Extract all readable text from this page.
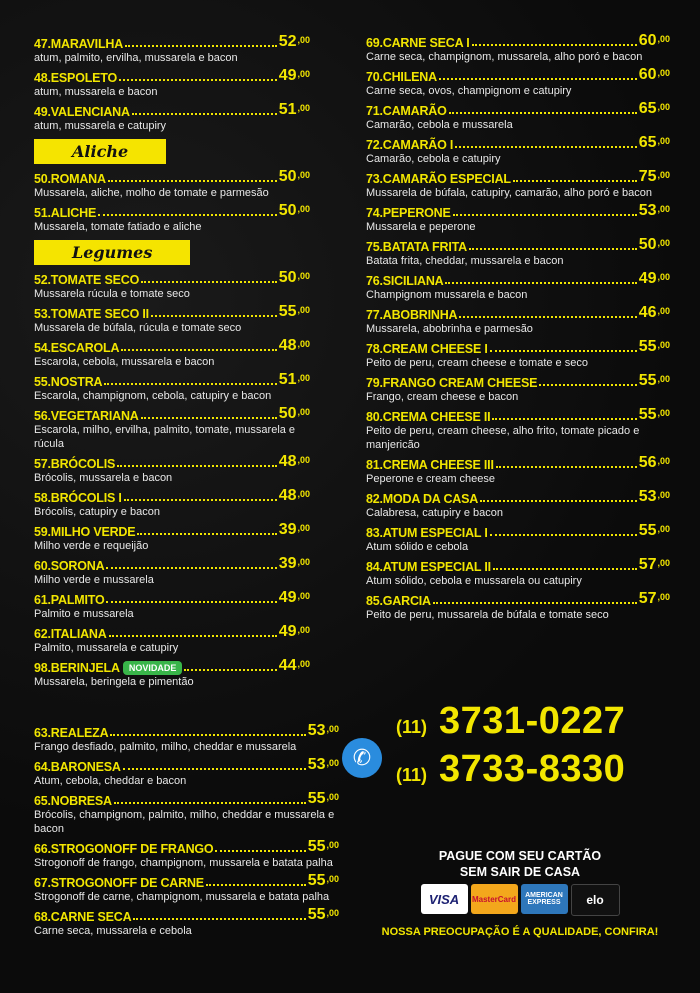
47.MARAVILHA	$52^{,00}$
atum, palmito, ervilha, mussarela e bacon
48.ESPOLETO	$49^{,00}$
atum, mussarela e bacon
49.VALENCIANA	$51^{,00}$
atum, mussarela e catupiry
Aliche
50.ROMANA	$50^{,00}$
Mussarela, aliche, molho de tomate e parmesão
51.ALICHE	$50^{,00}$
Mussarela, tomate fatiado e aliche
Legumes
52.TOMATE SECO	$50^{,00}$
Mussarela rúcula e tomate seco
53.TOMATE SECO II	$55^{,00}$
Mussarela de búfala, rúcula e tomate seco
54.ESCAROLA	$48^{,00}$
Escarola, cebola, mussarela e bacon
55.NOSTRA	$51^{,00}$
Escarola, champignom, cebola, catupiry e bacon
56.VEGETARIANA	$50^{,00}$
Escarola, milho, ervilha, palmito, tomate, mussarela e rúcula
57.BRÓCOLIS	$48^{,00}$
Brócolis, mussarela e bacon
58.BRÓCOLIS I	$48^{,00}$
Brócolis, catupiry e bacon
59.MILHO VERDE	$39^{,00}$
Milho verde e requeijão
60.SORONA	$39^{,00}$
Milho verde e mussarela
61.PALMITO	$49^{,00}$
Palmito e mussarela
62.ITALIANA	$49^{,00}$
Palmito, mussarela e catupiry
98.BERINJELA	NOVIDADE	$44^{,00}$
Mussarela, beringela e pimentão
63.REALEZA	$53^{,00}$
Frango desfiado, palmito, milho, cheddar e mussarela
64.BARONESA	$53^{,00}$
Atum, cebola, cheddar e bacon
65.NOBRESA	$55^{,00}$
Brócolis, champignom, palmito, milho, cheddar e mussarela e bacon
66.STROGONOFF DE FRANGO	$55^{,00}$
Strogonoff de frango, champignom, mussarela e batata palha
67.STROGONOFF DE CARNE	$55^{,00}$
Strogonoff de carne, champignom, mussarela e batata palha
68.CARNE SECA	$55^{,00}$
Carne seca, mussarela e cebola
69.CARNE SECA I	$60^{,00}$
Carne seca, champignom, mussarela, alho poró e bacon
70.CHILENA	$60^{,00}$
Carne seca, ovos, champignom e catupiry
71.CAMARÃO	$65^{,00}$
Camarão, cebola e mussarela
72.CAMARÃO I	$65^{,00}$
Camarão, cebola e catupiry
73.CAMARÃO ESPECIAL	$75^{,00}$
Mussarela de búfala, catupiry, camarão, alho poró e bacon
74.PEPERONE	$53^{,00}$
Mussarela e peperone
75.BATATA FRITA	$50^{,00}$
Batata frita, cheddar, mussarela e bacon
76.SICILIANA	$49^{,00}$
Champignom mussarela e bacon
77.ABOBRINHA	$46^{,00}$
Mussarela, abobrinha e parmesão
78.CREAM CHEESE I	$55^{,00}$
Peito de peru, cream cheese e tomate e seco
79.FRANGO CREAM CHEESE	$55^{,00}$
Frango, cream cheese e bacon
80.CREMA CHEESE II	$55^{,00}$
Peito de peru, cream cheese, alho frito, tomate picado e manjericão
81.CREMA CHEESE III	$56^{,00}$
Peperone e cream cheese
82.MODA DA CASA	$53^{,00}$
Calabresa, catupiry e bacon
83.ATUM ESPECIAL I	$55^{,00}$
Atum sólido e cebola
84.ATUM ESPECIAL II	$57^{,00}$
Atum sólido, cebola e mussarela ou catupiry
85.GARCIA	$57^{,00}$
Peito de peru, mussarela de búfala e tomate seco
✆
(11) 3731-0227
(11) 3733-8330
PAGUE COM SEU CARTÃO
SEM SAIR DE CASA
VISA	MasterCard	AMERICAN EXPRESS	elo
NOSSA PREOCUPAÇÃO É A QUALIDADE, CONFIRA!
